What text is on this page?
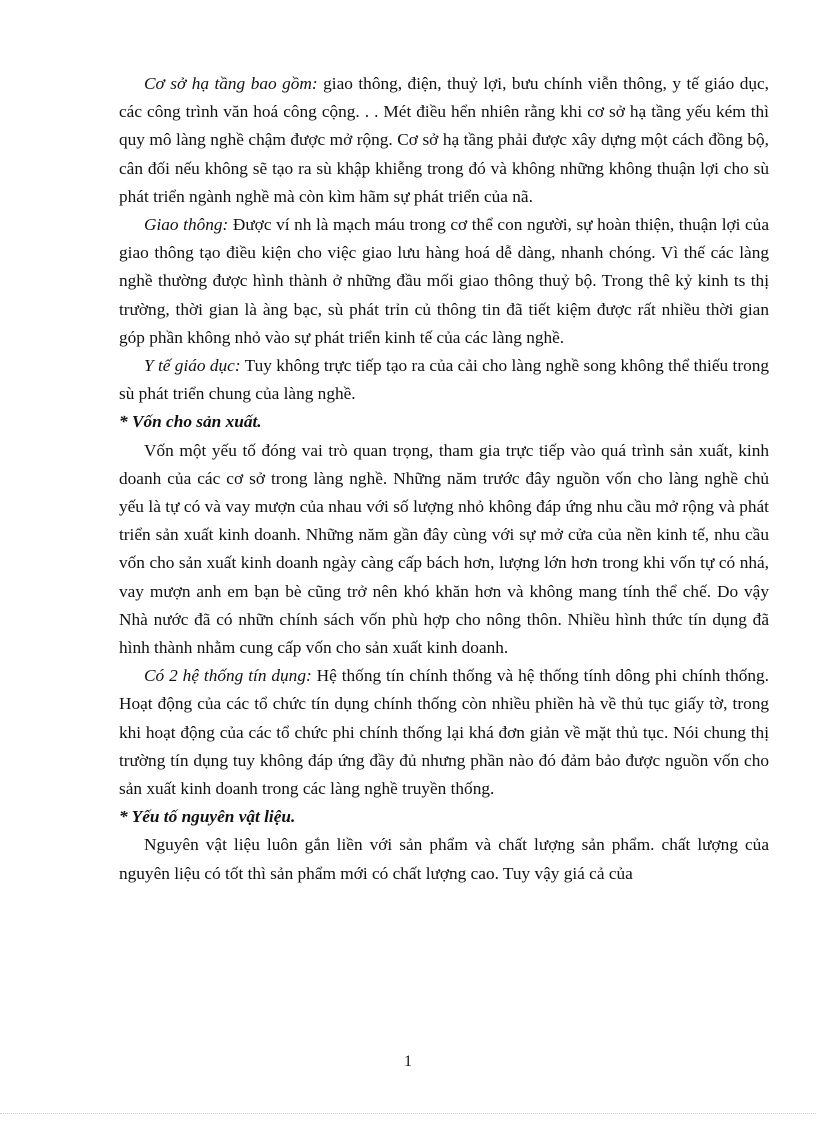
Cơ sở hạ tầng bao gồm: giao thông, điện, thuỷ lợi, bưu chính viễn thông, y tế giáo dục, các công trình văn hoá công cộng. . . Mét điều hển nhiên rằng khi cơ sở hạ tầng yếu kém thì quy mô làng nghề chậm được mở rộng. Cơ sở hạ tầng phải được xây dựng một cách đồng bộ, cân đối nếu không sẽ tạo ra sù khập khiễng trong đó và không những không thuận lợi cho sù phát triển ngành nghề mà còn kìm hãm sự phát triển của nã.

Giao thông: Được ví nh là mạch máu trong cơ thể con người, sự hoàn thiện, thuận lợi của giao thông tạo điều kiện cho việc giao lưu hàng hoá dễ dàng, nhanh chóng. Vì thế các làng nghề thường được hình thành ở những đầu mối giao thông thuỷ bộ. Trong thê kỷ kinh ts thị trường, thời gian là àng bạc, sù phát trỉn củ thông tin đã tiết kiệm được rất nhiều thời gian góp phần không nhỏ vào sự phát triển kinh tế của các làng nghề.

Y tế giáo dục: Tuy không trực tiếp tạo ra của cải cho làng nghề song không thể thiếu trong sù phát triển chung của làng nghề.

* Vốn cho sản xuất.

Vốn một yếu tố đóng vai trò quan trọng, tham gia trực tiếp vào quá trình sản xuất, kinh doanh của các cơ sở trong làng nghề. Những năm trước đây nguồn vốn cho làng nghề chủ yếu là tự có và vay mượn của nhau với số lượng nhỏ không đáp ứng nhu cầu mở rộng và phát triển sản xuất kinh doanh. Những năm gần đây cùng với sự mở cửa của nền kinh tế, nhu cầu vốn cho sản xuất kinh doanh ngày càng cấp bách hơn, lượng lớn hơn trong khi vốn tự có nhá, vay mượn anh em bạn bè cũng trở nên khó khăn hơn và không mang tính thể chế. Do vậy Nhà nước đã có nhữn chính sách vốn phù hợp cho nông thôn. Nhiều hình thức tín dụng đã hình thành nhằm cung cấp vốn cho sản xuất kinh doanh.

Có 2 hệ thống tín dụng: Hệ thống tín chính thống và hệ thống tính dông phi chính thống. Hoạt động của các tổ chức tín dụng chính thống còn nhiều phiền hà về thủ tục giấy tờ, trong khi hoạt động của các tổ chức phi chính thống lại khá đơn giản về mặt thủ tục. Nói chung thị trường tín dụng tuy không đáp ứng đầy đủ nhưng phần nào đó đảm bảo được nguồn vốn cho sản xuất kinh doanh trong các làng nghề truyền thống.

* Yếu tố nguyên vật liệu.

Nguyên vật liệu luôn gắn liền với sản phẩm và chất lượng sản phẩm. chất lượng của nguyên liệu có tốt thì sản phẩm mới có chất lượng cao. Tuy vậy giá cả của

1
